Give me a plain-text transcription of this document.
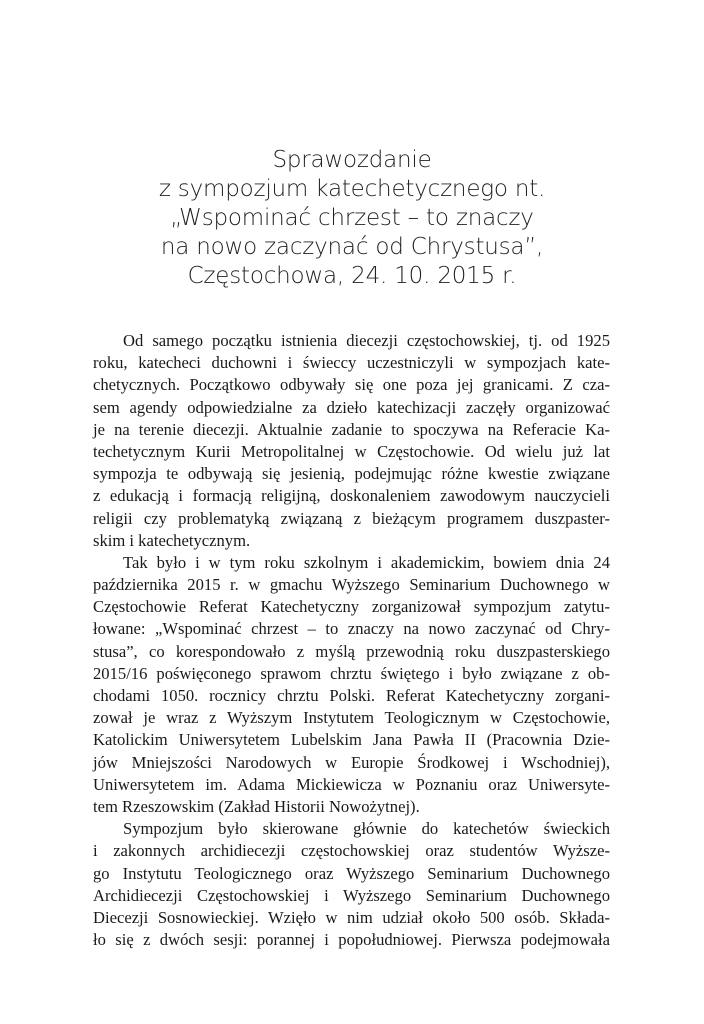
Sprawozdanie
z sympozjum katechetycznego nt.
„Wspominać chrzest – to znaczy
na nowo zaczynać od Chrystusa”,
Częstochowa, 24. 10. 2015 r.
Od samego początku istnienia diecezji częstochowskiej, tj. od 1925
roku, katecheci duchowni i świeccy uczestniczyli w sympozjach kate-
chetycznych. Początkowo odbywały się one poza jej granicami. Z cza-
sem agendy odpowiedzialne za dzieło katechizacji zaczęły organizować
je na terenie diecezji. Aktualnie zadanie to spoczywa na Referacie Ka-
techetycznym Kurii Metropolitalnej w Częstochowie. Od wielu już lat
sympozja te odbywają się jesienią, podejmując różne kwestie związane
z edukacją i formacją religijną, doskonaleniem zawodowym nauczycieli
religii czy problematyką związaną z bieżącym programem duszpaster-
skim i katechetycznym.
Tak było i w tym roku szkolnym i akademickim, bowiem dnia 24
października 2015 r. w gmachu Wyższego Seminarium Duchownego w
Częstochowie Referat Katechetyczny zorganizował sympozjum zatytu-
łowane: „Wspominać chrzest – to znaczy na nowo zaczynać od Chry-
stusa”, co korespondowało z myślą przewodnią roku duszpasterskiego
2015/16 poświęconego sprawom chrztu świętego i było związane z ob-
chodami 1050. rocznicy chrztu Polski. Referat Katechetyczny zorgani-
zował je wraz z Wyższym Instytutem Teologicznym w Częstochowie,
Katolickim Uniwersytetem Lubelskim Jana Pawła II (Pracownia Dzie-
jów Mniejszości Narodowych w Europie Środkowej i Wschodniej),
Uniwersytetem im. Adama Mickiewicza w Poznaniu oraz Uniwersyte-
tem Rzeszowskim (Zakład Historii Nowożytnej).
Sympozjum było skierowane głównie do katechetów świeckich
i zakonnych archidiecezji częstochowskiej oraz studentów Wyższe-
go Instytutu Teologicznego oraz Wyższego Seminarium Duchownego
Archidiecezji Częstochowskiej i Wyższego Seminarium Duchownego
Diecezji Sosnowieckiej. Wzięło w nim udział około 500 osób. Składa-
ło się z dwóch sesji: porannej i popołudniowej. Pierwsza podejmowała
